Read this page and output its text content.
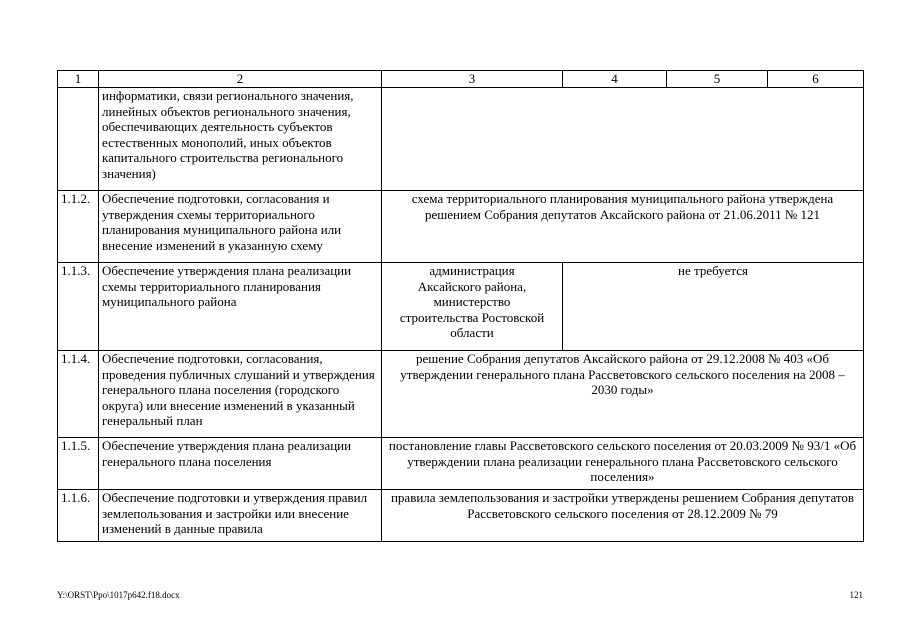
1	2	3	4	5	6
	информатики, связи регионального значения, линейных объектов регионального значения, обеспечивающих деятельность субъектов естественных монополий, иных объектов капитального строительства регионального значения)				
1.1.2.	Обеспечение подготовки, согласования и утверждения схемы территориального планирования муниципального района или внесение изменений в указанную схему	схема территориального планирования муниципального района утверждена решением Собрания депутатов Аксайского района от 21.06.2011 № 121			
1.1.3.	Обеспечение утверждения плана реализации схемы территориального планирования муниципального района	администрация Аксайского района, министерство строительства Ростовской области	не требуется		
1.1.4.	Обеспечение подготовки, согласования, проведения публичных слушаний и утверждения генерального плана поселения (городского округа) или внесение изменений в указанный генеральный план	решение Собрания депутатов Аксайского района от 29.12.2008 № 403 «Об утверждении генерального плана Рассветовского сельского поселения на 2008 – 2030 годы»			
1.1.5.	Обеспечение утверждения плана реализации генерального плана поселения	постановление главы Рассветовского сельского поселения от 20.03.2009 № 93/1 «Об утверждении плана реализации генерального плана Рассветовского сельского поселения»			
1.1.6.	Обеспечение подготовки и утверждения правил землепользования и застройки или внесение изменений в данные правила	правила землепользования и застройки утверждены решением Собрания депутатов Рассветовского сельского поселения от 28.12.2009 № 79			
Y:\ORST\Ppo\1017p642.f18.docx	121
